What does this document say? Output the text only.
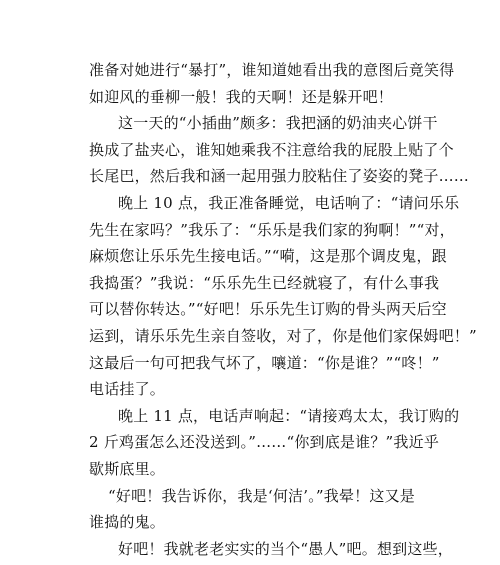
准备对她进行“暴打”，谁知道她看出我的意图后竟笑得
如迎风的垂柳一般！我的天啊！还是躲开吧！
这一天的“小插曲”颇多：我把涵的奶油夹心饼干
换成了盐夹心，谁知她乘我不注意给我的屁股上贴了个
长尾巴，然后我和涵一起用强力胶粘住了姿姿的凳子……
晚上 10 点，我正准备睡觉，电话响了：“请问乐乐
先生在家吗？”我乐了：“乐乐是我们家的狗啊！”“对，
麻烦您让乐乐先生接电话。”“嗬，这是那个调皮鬼，跟
我捣蛋？”我说：“乐乐先生已经就寝了，有什么事我
可以替你转达。”“好吧！乐乐先生订购的骨头两天后空
运到，请乐乐先生亲自签收，对了，你是他们家保姆吧！”
这最后一句可把我气坏了，嚷道：“你是谁？”“咚！”
电话挂了。
晚上 11 点，电话声响起：“请接鸡太太，我订购的
2 斤鸡蛋怎么还没送到。”……“你到底是谁？”我近乎
歇斯底里。
“好吧！我告诉你，我是‘何洁’。”我晕！这又是
谁捣的鬼。
好吧！我就老老实实的当个“愚人”吧。想到这些，
